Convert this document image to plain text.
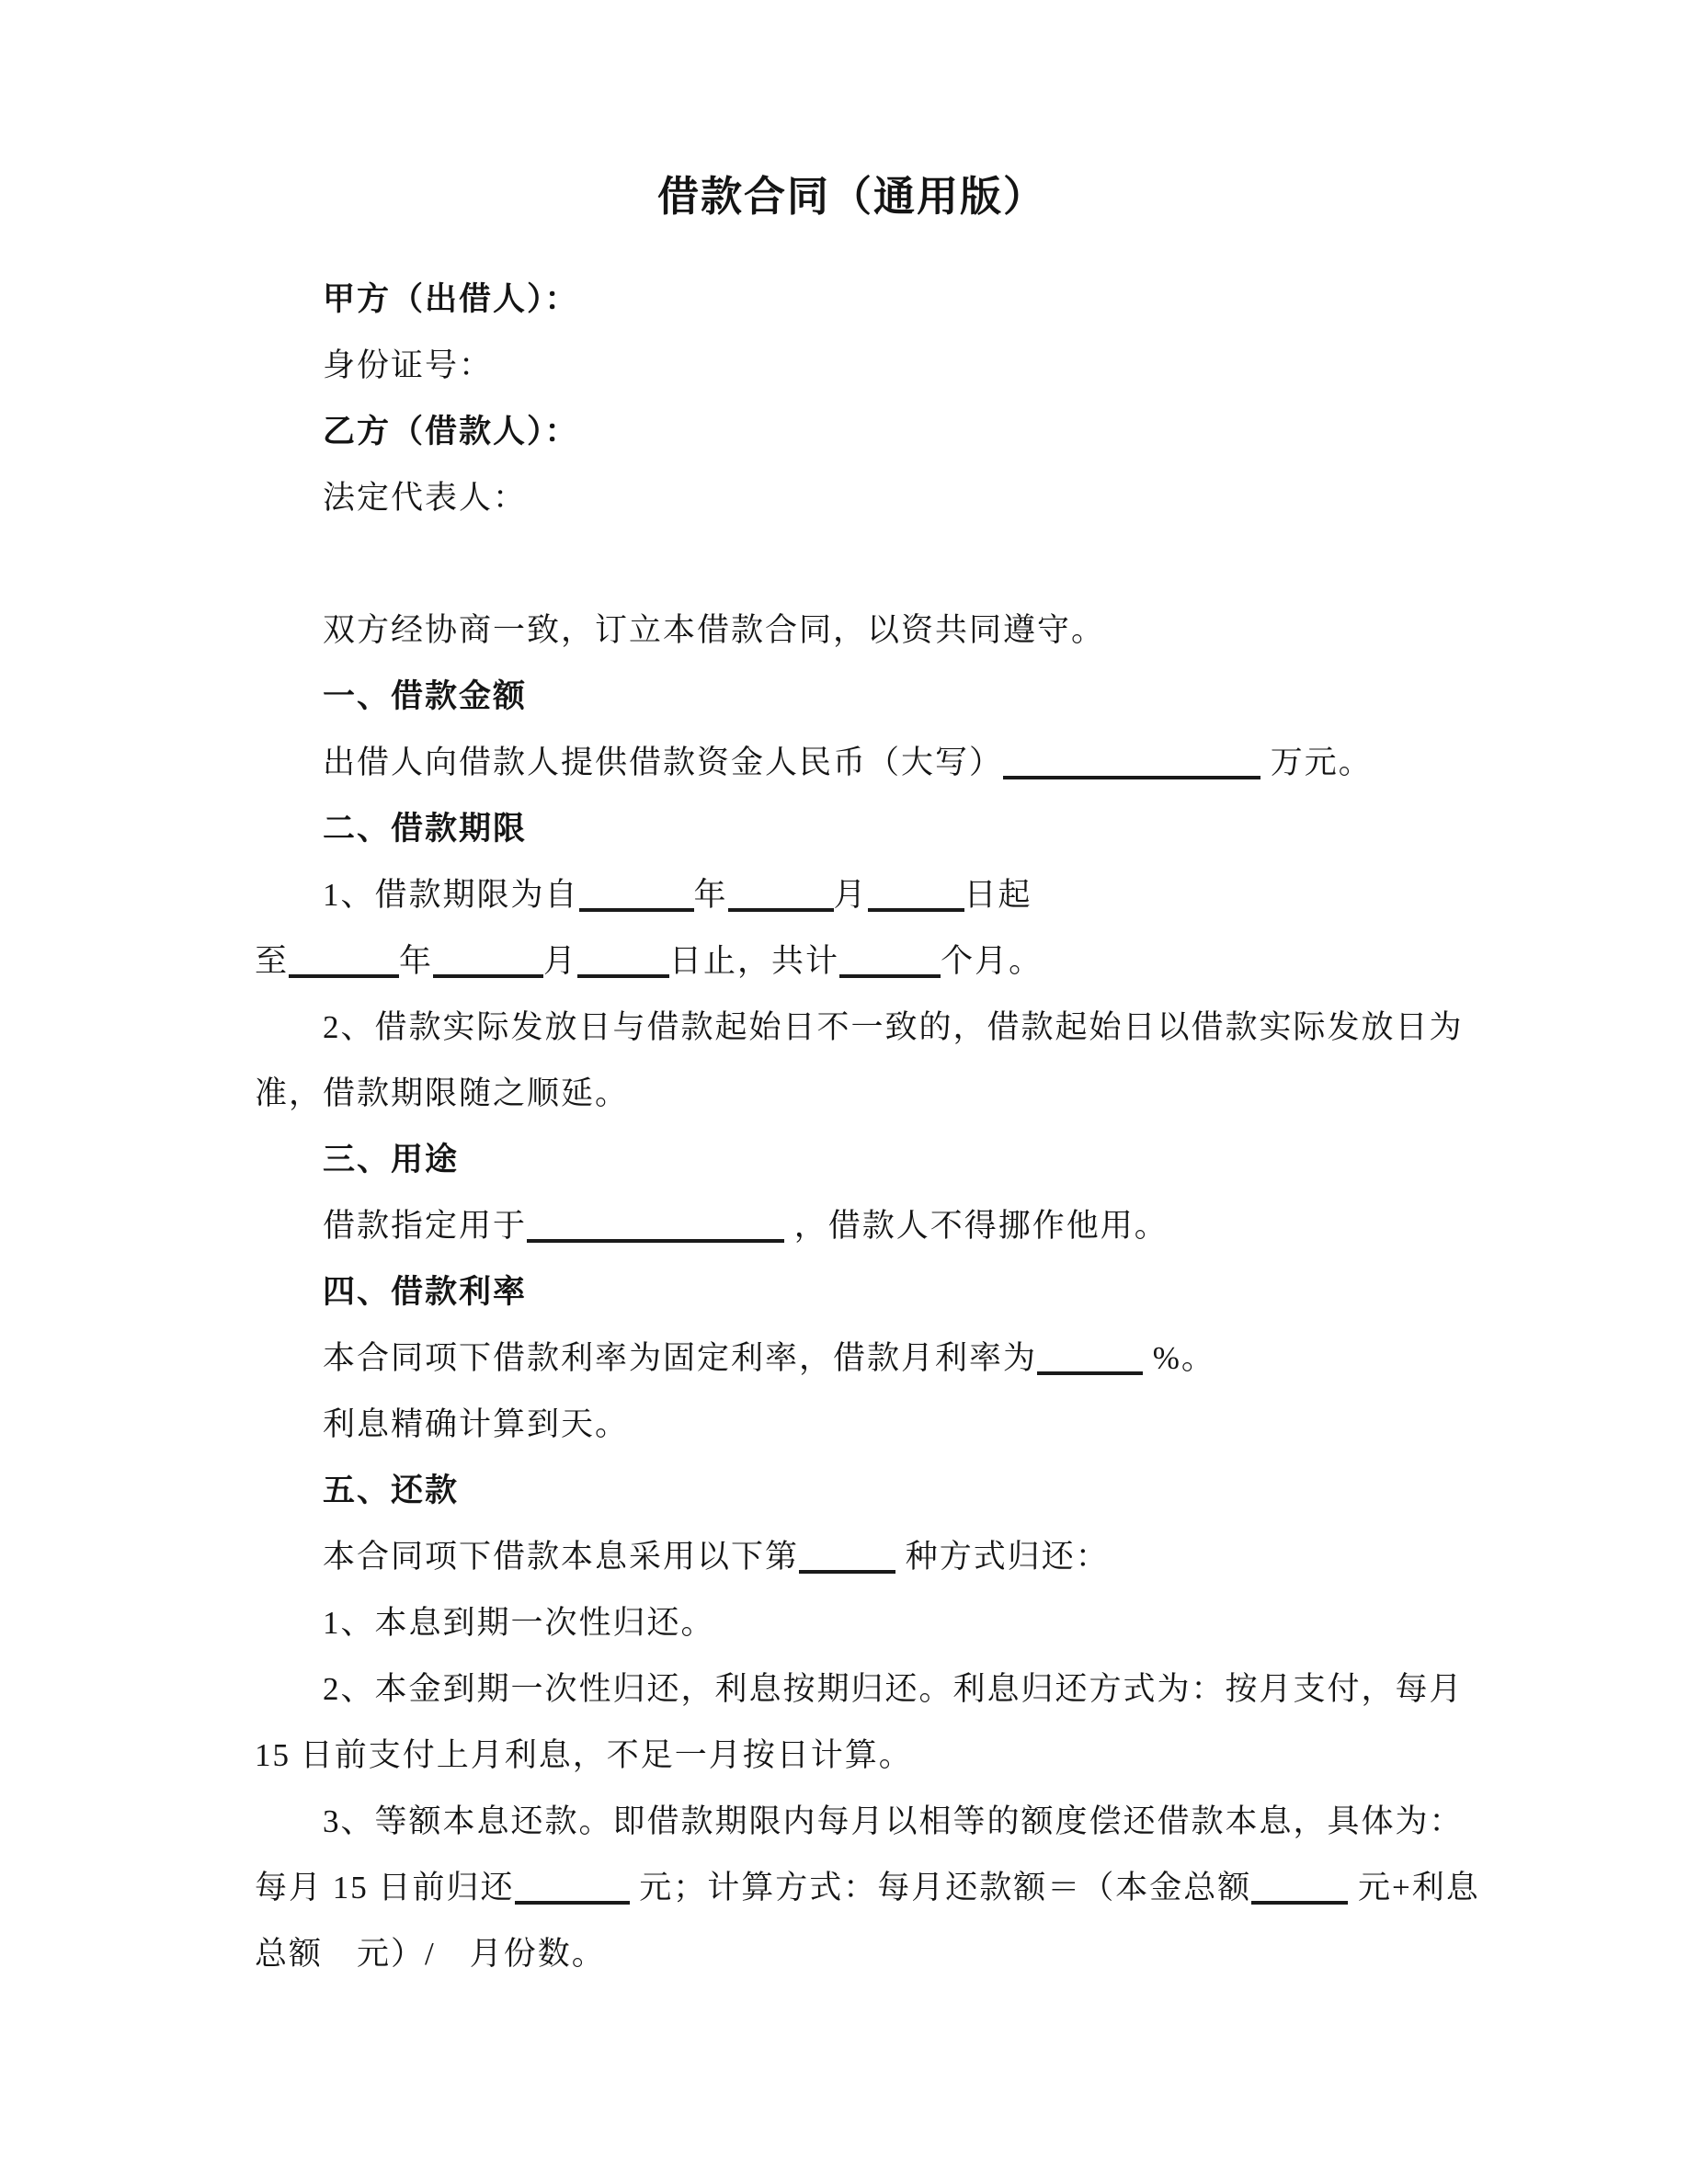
借款合同（通用版）
甲方（出借人）：
身份证号：
乙方（借款人）：
法定代表人：
双方经协商一致，订立本借款合同，以资共同遵守。
一、借款金额
出借人向借款人提供借款资金人民币（大写）	万元。
二、借款期限
1、借款期限为自	年	月	日起
至	年	月	日止，共计	个月。
2、借款实际发放日与借款起始日不一致的，借款起始日以借款实际发放日为
准，借款期限随之顺延。
三、用途
借款指定用于	，借款人不得挪作他用。
四、借款利率
本合同项下借款利率为固定利率，借款月利率为	%。
利息精确计算到天。
五、还款
本合同项下借款本息采用以下第	种方式归还：
1、本息到期一次性归还。
2、本金到期一次性归还，利息按期归还。利息归还方式为：按月支付，每月
15 日前支付上月利息，不足一月按日计算。
3、等额本息还款。即借款期限内每月以相等的额度偿还借款本息，具体为：
每月 15 日前归还	元；计算方式：每月还款额＝（本金总额	元+利息
总额　元）/　月份数。
